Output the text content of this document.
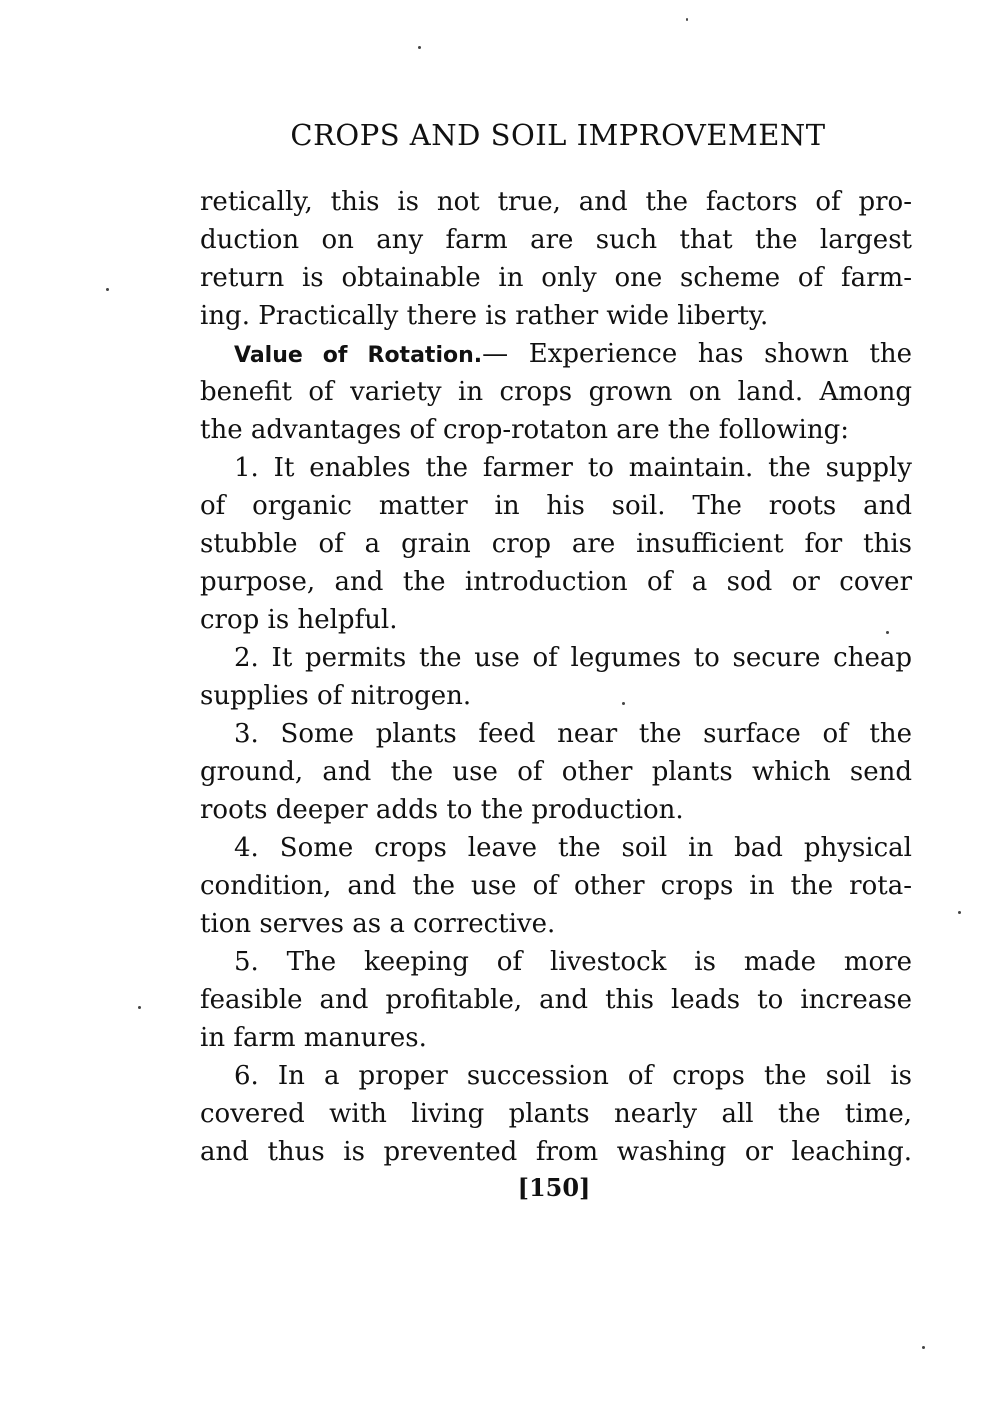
CROPS AND SOIL IMPROVEMENT
retically, this is not true, and the factors of pro-
duction on any farm are such that the largest
return is obtainable in only one scheme of farm-
ing. Practically there is rather wide liberty.
Value of Rotation.— Experience has shown the
benefit of variety in crops grown on land. Among
the advantages of crop-rotaton are the following:
1. It enables the farmer to maintain. the supply
of organic matter in his soil. The roots and
stubble of a grain crop are insufficient for this
purpose, and the introduction of a sod or cover
crop is helpful.
2. It permits the use of legumes to secure cheap
supplies of nitrogen.
3. Some plants feed near the surface of the
ground, and the use of other plants which send
roots deeper adds to the production.
4. Some crops leave the soil in bad physical
condition, and the use of other crops in the rota-
tion serves as a corrective.
5. The keeping of livestock is made more
feasible and profitable, and this leads to increase
in farm manures.
6. In a proper succession of crops the soil is
covered with living plants nearly all the time,
and thus is prevented from washing or leaching.
[150]
